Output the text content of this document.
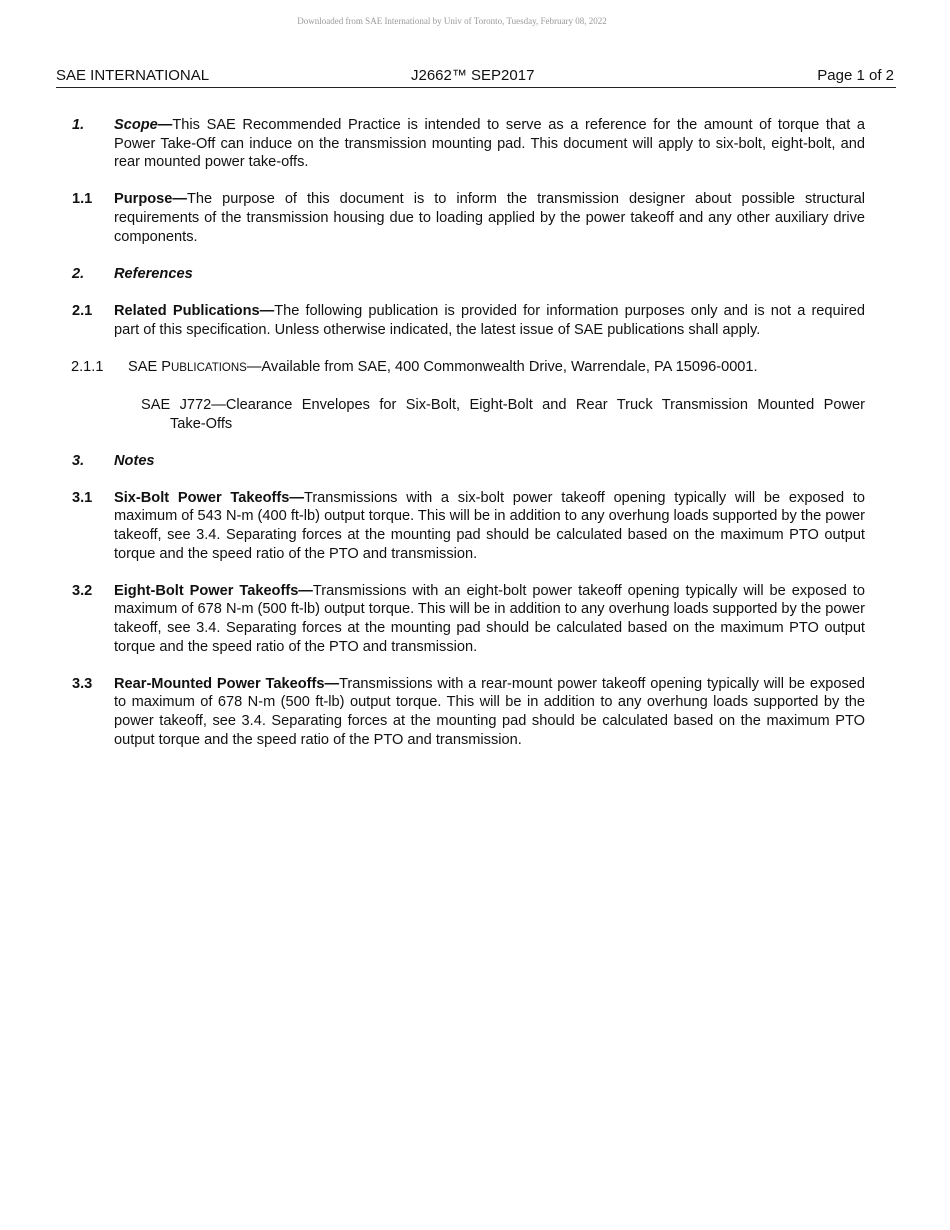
Downloaded from SAE International by Univ of Toronto, Tuesday, February 08, 2022
SAE INTERNATIONAL	J2662™ SEP2017	Page 1 of 2
1. Scope—This SAE Recommended Practice is intended to serve as a reference for the amount of torque that a Power Take-Off can induce on the transmission mounting pad. This document will apply to six-bolt, eight-bolt, and rear mounted power take-offs.
1.1 Purpose—The purpose of this document is to inform the transmission designer about possible structural requirements of the transmission housing due to loading applied by the power takeoff and any other auxiliary drive components.
2. References
2.1 Related Publications—The following publication is provided for information purposes only and is not a required part of this specification. Unless otherwise indicated, the latest issue of SAE publications shall apply.
2.1.1 SAE PUBLICATIONS—Available from SAE, 400 Commonwealth Drive, Warrendale, PA 15096-0001.
SAE J772—Clearance Envelopes for Six-Bolt, Eight-Bolt and Rear Truck Transmission Mounted Power
Take-Offs
3. Notes
3.1 Six-Bolt Power Takeoffs—Transmissions with a six-bolt power takeoff opening typically will be exposed to maximum of 543 N-m (400 ft-lb) output torque. This will be in addition to any overhung loads supported by the power takeoff, see 3.4. Separating forces at the mounting pad should be calculated based on the maximum PTO output torque and the speed ratio of the PTO and transmission.
3.2 Eight-Bolt Power Takeoffs—Transmissions with an eight-bolt power takeoff opening typically will be exposed to maximum of 678 N-m (500 ft-lb) output torque. This will be in addition to any overhung loads supported by the power takeoff, see 3.4. Separating forces at the mounting pad should be calculated based on the maximum PTO output torque and the speed ratio of the PTO and transmission.
3.3 Rear-Mounted Power Takeoffs—Transmissions with a rear-mount power takeoff opening typically will be exposed to maximum of 678 N-m (500 ft-lb) output torque. This will be in addition to any overhung loads supported by the power takeoff, see 3.4. Separating forces at the mounting pad should be calculated based on the maximum PTO output torque and the speed ratio of the PTO and transmission.
